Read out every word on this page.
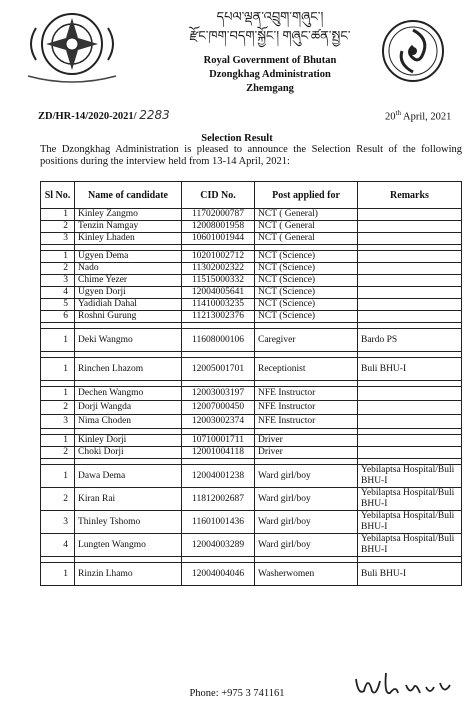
དཔལ་ལྡན་འབྲུག་གཞུང་།
རྫོང་ཁག་བདག་སྐྱོང་། གཞུང་ཚན་སྤྱང་
Royal Government of Bhutan
Dzongkhag Administration
Zhemgang
ZD/HR-14/2020-2021/ 2283	20th April, 2021
Selection Result
The Dzongkhag Administration is pleased to announce the Selection Result of the following positions during the interview held from 13-14 April, 2021:
Sl No.	Name of candidate	CID No.	Post applied for	Remarks
1	Kinley Zangmo	11702000787	NCT ( General)	
2	Tenzin Namgay	12008001958	NCT ( General	
3	Kinley Lhaden	10601001944	NCT ( General	

1	Ugyen Dema	10201002712	NCT (Science)	
2	Nado	11302002322	NCT (Science)	
3	Chime Yezer	11515000332	NCT (Science)	
4	Ugyen Dorji	12004005641	NCT (Science)	
5	Yadidiah Dahal	11410003235	NCT (Science)	
6	Roshni Gurung	11213002376	NCT (Science)	

1	Deki Wangmo	11608000106	Caregiver	Bardo PS

1	Rinchen Lhazom	12005001701	Receptionist	Buli BHU-I

1	Dechen Wangmo	12003003197	NFE Instructor	
2	Dorji Wangda	12007000450	NFE Instructor	
3	Nima Choden	12003002374	NFE Instructor	

1	Kinley Dorji	10710001711	Driver	
2	Choki Dorji	12001004118	Driver	

1	Dawa Dema	12004001238	Ward girl/boy	Yebilaptsa Hospital/Buli BHU-I
2	Kiran Rai	11812002687	Ward girl/boy	Yebilaptsa Hospital/Buli BHU-I
3	Thinley Tshomo	11601001436	Ward girl/boy	Yebilaptsa Hospital/Buli BHU-I
4	Lungten Wangmo	12004003289	Ward girl/boy	Yebilaptsa Hospital/Buli BHU-I

1	Rinzin Lhamo	12004004046	Washerwomen	Buli BHU-I
Phone: +975 3 741161
